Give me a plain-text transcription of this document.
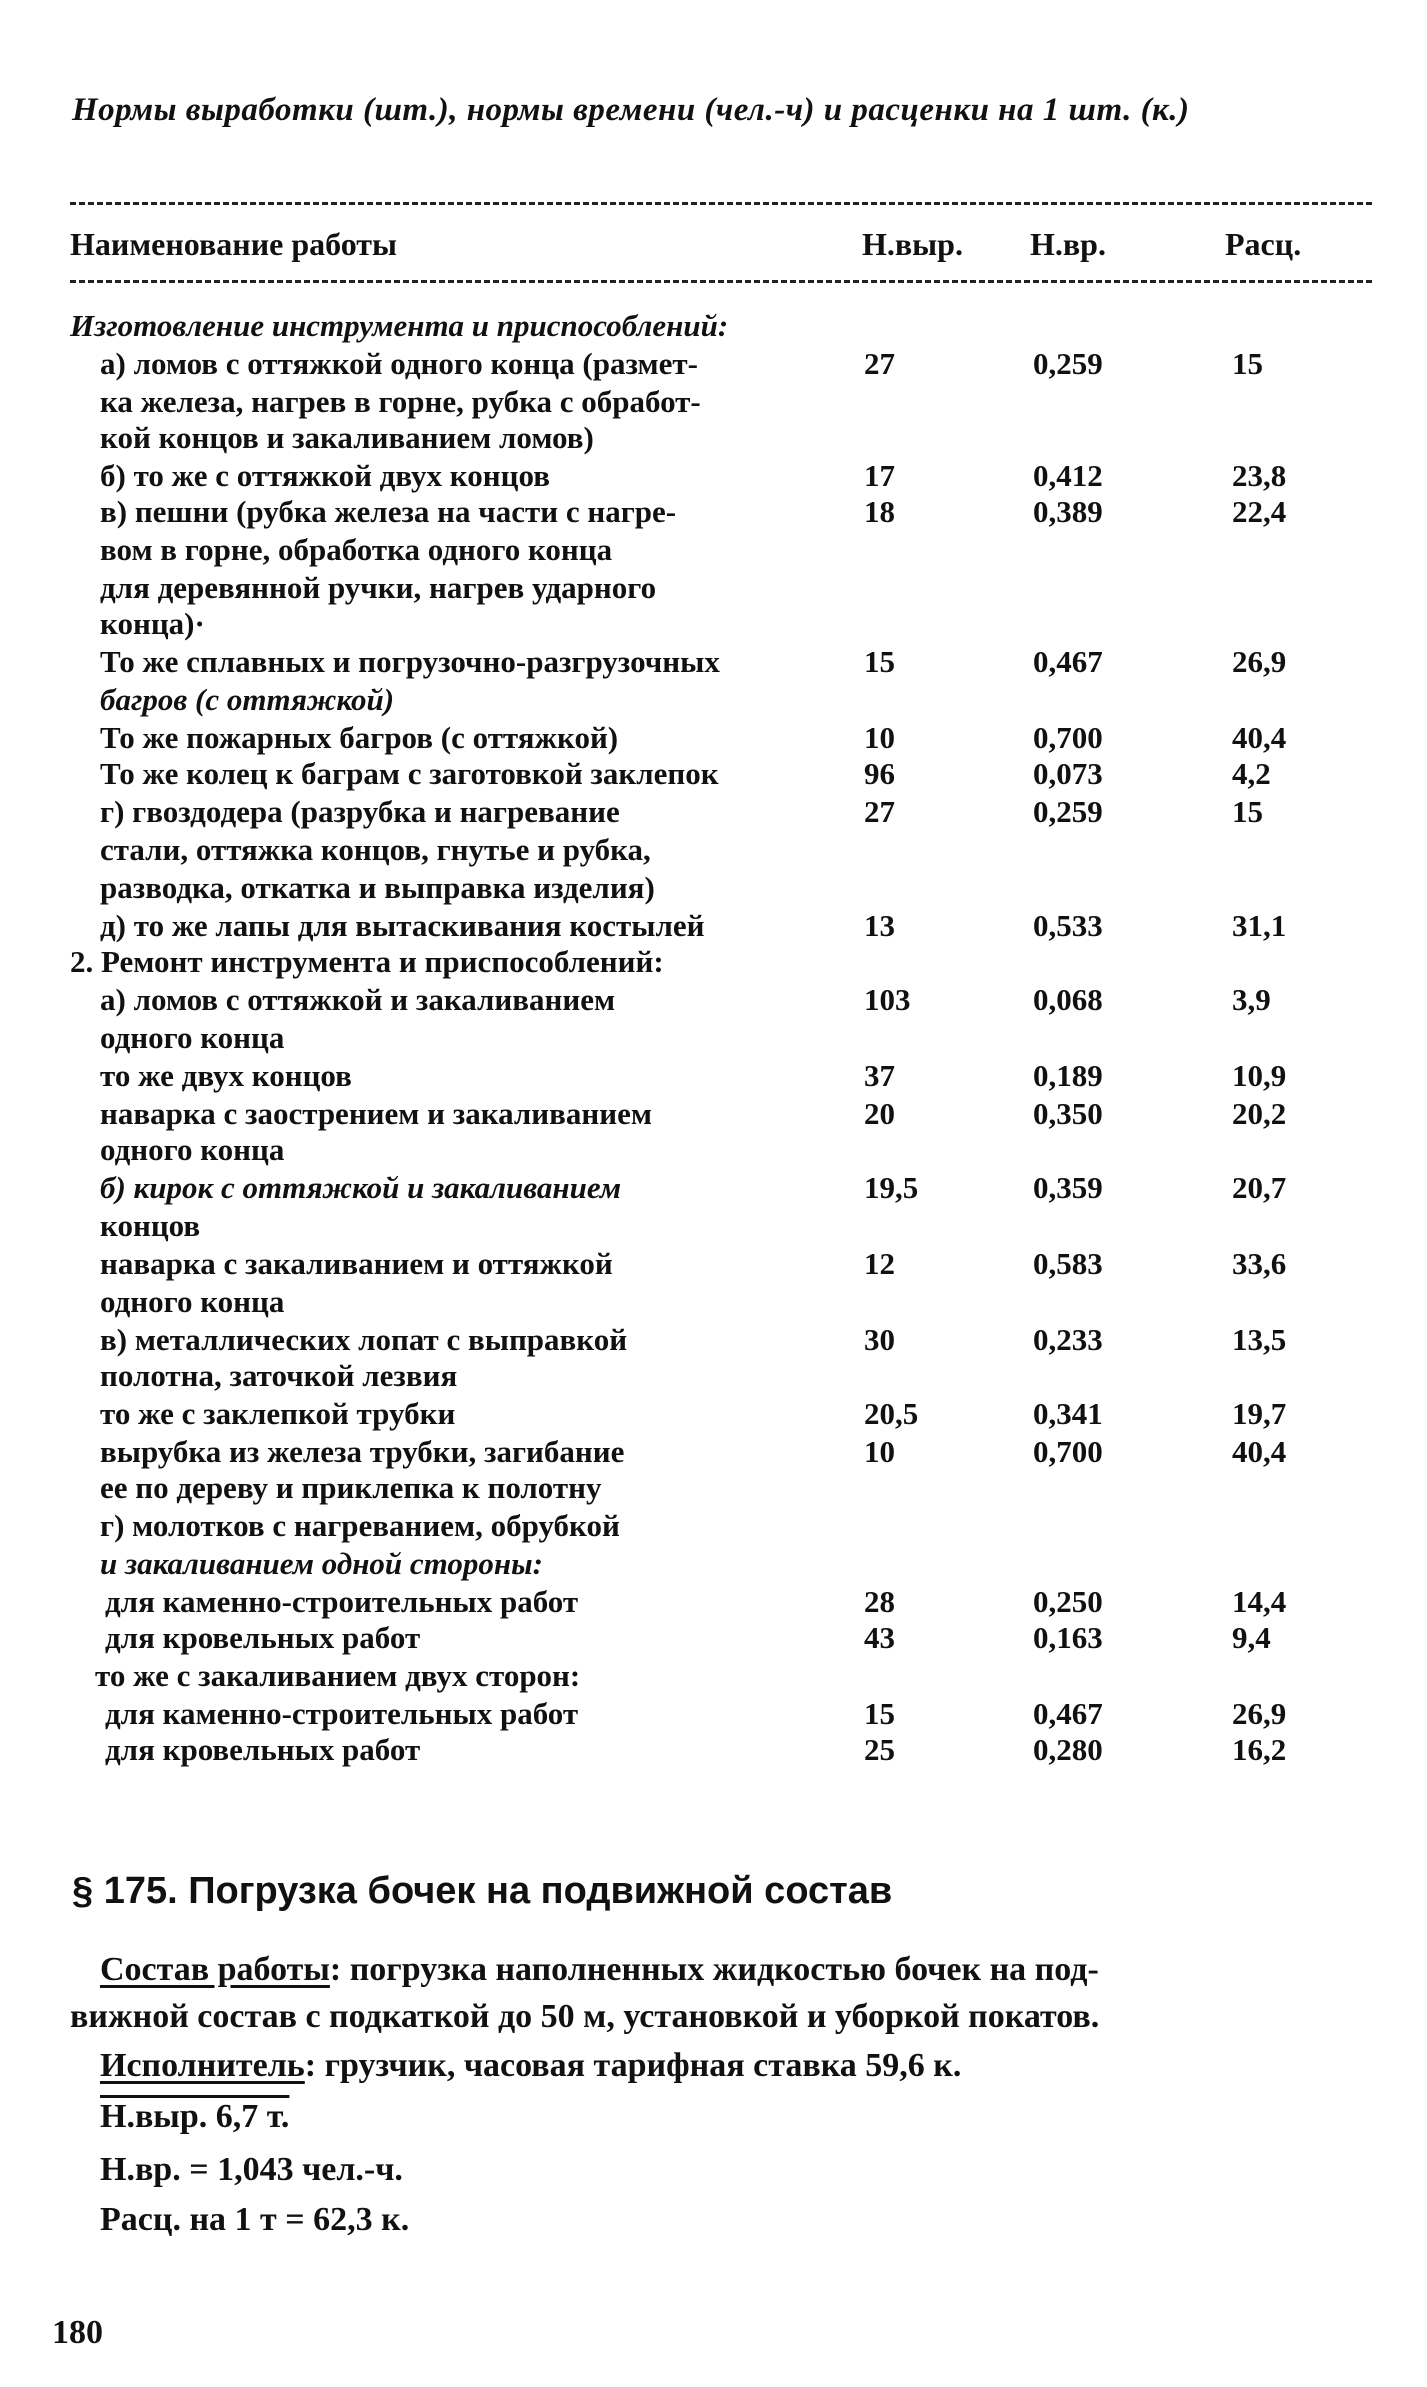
Нормы выработки (шт.), нормы времени (чел.-ч) и расценки на 1 шт. (к.)
Наименование работы	Н.выр. Н.вр.	Расц.
Изготовление инструмента и приспособлений:
а) ломов с оттяжкой одного конца (размет-	27	0,259	15
ка железа, нагрев в горне, рубка с обработ-
кой концов и закаливанием ломов)
б) то же с оттяжкой двух концов	17	0,412	23,8
в) пешни (рубка железа на части с нагре-	18	0,389	22,4
вом в горне, обработка одного конца
для деревянной ручки, нагрев ударного
конца)·
То же сплавных и погрузочно-разгрузочных	15	0,467	26,9
багров (с оттяжкой)
То же пожарных багров (с оттяжкой)	10	0,700	40,4
То же колец к баграм с заготовкой заклепок	96	0,073	4,2
г) гвоздодера (разрубка и нагревание	27	0,259	15
стали, оттяжка концов, гнутье и рубка,
разводка, откатка и выправка изделия)
д) то же лапы для вытаскивания костылей	13	0,533	31,1
2. Ремонт инструмента и приспособлений:
а) ломов с оттяжкой и закаливанием	103	0,068	3,9
одного конца
то же двух концов	37	0,189	10,9
наварка с заострением и закаливанием	20	0,350	20,2
одного конца
б) кирок с оттяжкой и закаливанием	19,5	0,359	20,7
концов
наварка с закаливанием и оттяжкой	12	0,583	33,6
одного конца
в) металлических лопат с выправкой	30	0,233	13,5
полотна, заточкой лезвия
то же с заклепкой трубки	20,5	0,341	19,7
вырубка из железа трубки, загибание	10	0,700	40,4
ее по дереву и приклепка к полотну
г) молотков с нагреванием, обрубкой
и закаливанием одной стороны:
для каменно-строительных работ	28	0,250	14,4
для кровельных работ	43	0,163	9,4
то же с закаливанием двух сторон:
для каменно-строительных работ	15	0,467	26,9
для кровельных работ	25	0,280	16,2
§ 175. Погрузка бочек на подвижной состав
Состав работы: погрузка наполненных жидкостью бочек на под-
вижной состав с подкаткой до 50 м, установкой и уборкой покатов.
Исполнитель: грузчик, часовая тарифная ставка 59,6 к.
Н.выр. 6,7 т.
Н.вр. = 1,043 чел.-ч.
Расц. на 1 т = 62,3 к.
180
